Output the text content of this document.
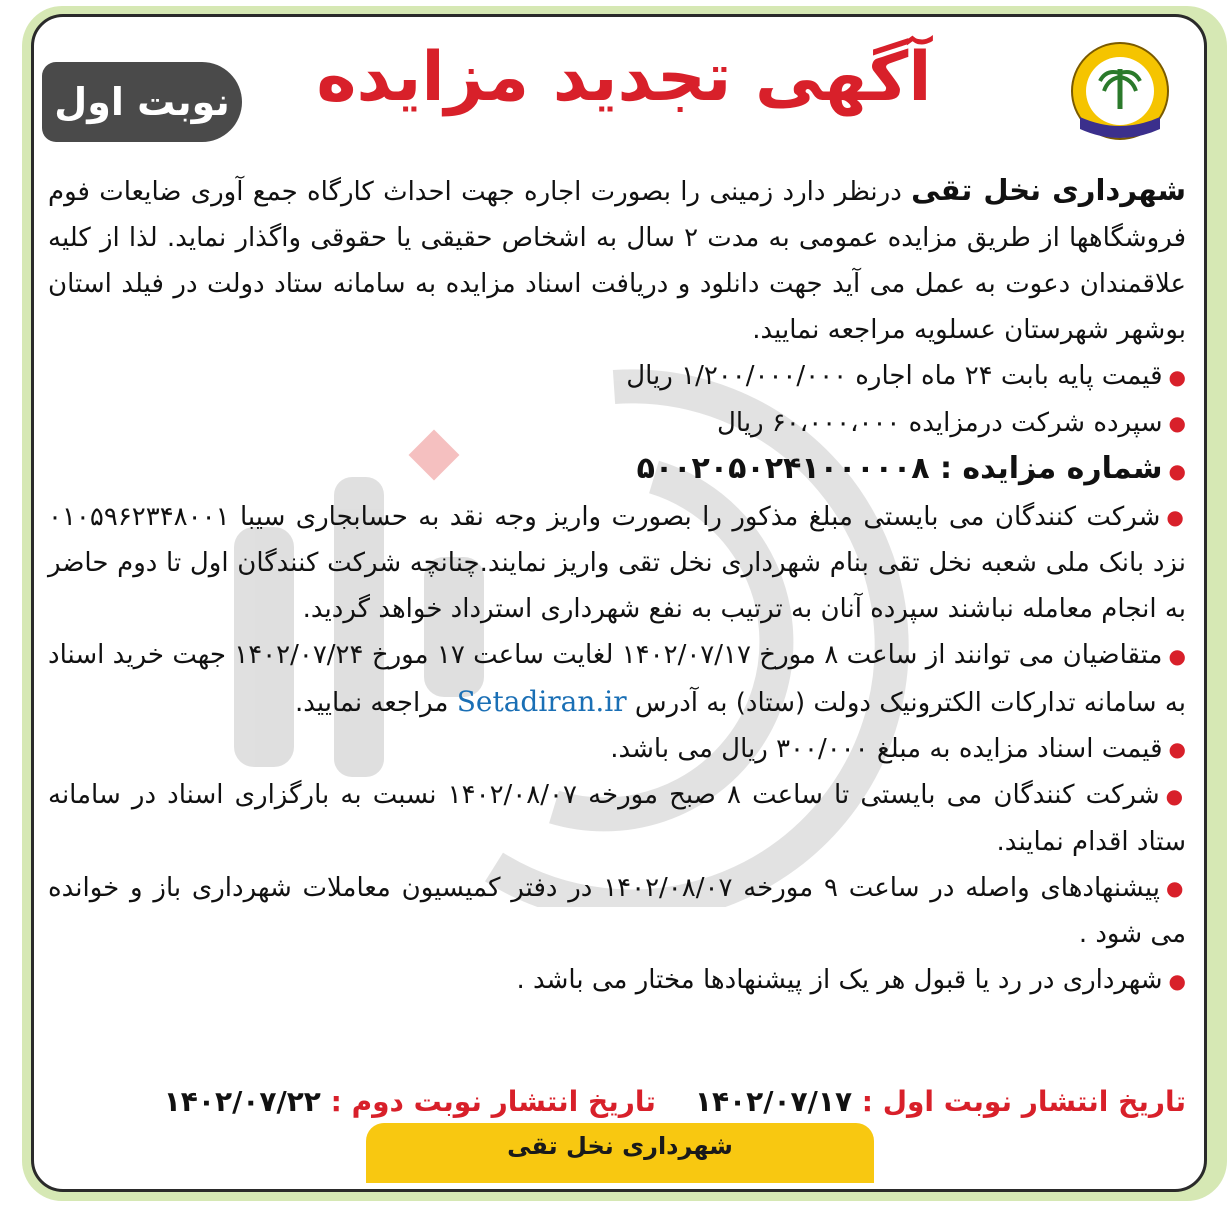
آگهی تجدید مزایده
نوبت اول

شهرداری نخل تقی درنظر دارد زمینی را بصورت اجاره جهت احداث کارگاه جمع آوری ضایعات فوم فروشگاهها از طریق مزایده عمومی به مدت ۲ سال به اشخاص حقیقی یا حقوقی واگذار نماید. لذا از کلیه علاقمندان دعوت به عمل می آید جهت دانلود و دریافت اسناد مزایده به سامانه ستاد دولت در فیلد استان بوشهر شهرستان عسلویه مراجعه نمایید.

●قیمت پایه بابت ۲۴ ماه اجاره ۱/۲۰۰/۰۰۰/۰۰۰ ریال

●سپرده شرکت درمزایده ۶۰،۰۰۰،۰۰۰ ریال

●شماره مزایده : ۵۰۰۲۰۵۰۲۴۱۰۰۰۰۰۸

●شرکت کنندگان می بایستی مبلغ مذکور را بصورت واریز وجه نقد به حسابجاری سیبا ۰۱۰۵۹۶۲۳۴۸۰۰۱ نزد بانک ملی شعبه نخل تقی بنام شهرداری نخل تقی واریز نمایند.چنانچه شرکت کنندگان اول تا دوم حاضر به انجام معامله نباشند سپرده آنان به ترتیب به نفع شهرداری استرداد خواهد گردید.

●متقاضیان می توانند از ساعت ۸ مورخ ۱۴۰۲/۰۷/۱۷ لغایت ساعت ۱۷ مورخ ۱۴۰۲/۰۷/۲۴ جهت خرید اسناد به سامانه تدارکات الکترونیک دولت (ستاد) به آدرس Setadiran.ir مراجعه نمایید.

●قیمت اسناد مزایده به مبلغ ۳۰۰/۰۰۰ ریال می باشد.

●شرکت کنندگان می بایستی تا ساعت ۸ صبح مورخه ۱۴۰۲/۰۸/۰۷ نسبت به بارگزاری اسناد در سامانه ستاد اقدام نمایند.

●پیشنهادهای واصله در ساعت ۹ مورخه ۱۴۰۲/۰۸/۰۷ در دفتر کمیسیون معاملات شهرداری باز و خوانده می شود .

●شهرداری در رد یا قبول هر یک از پیشنهادها مختار می باشد .

تاریخ انتشار نوبت اول : ۱۴۰۲/۰۷/۱۷    تاریخ انتشار نوبت دوم : ۱۴۰۲/۰۷/۲۲
شهرداری نخل تقی
